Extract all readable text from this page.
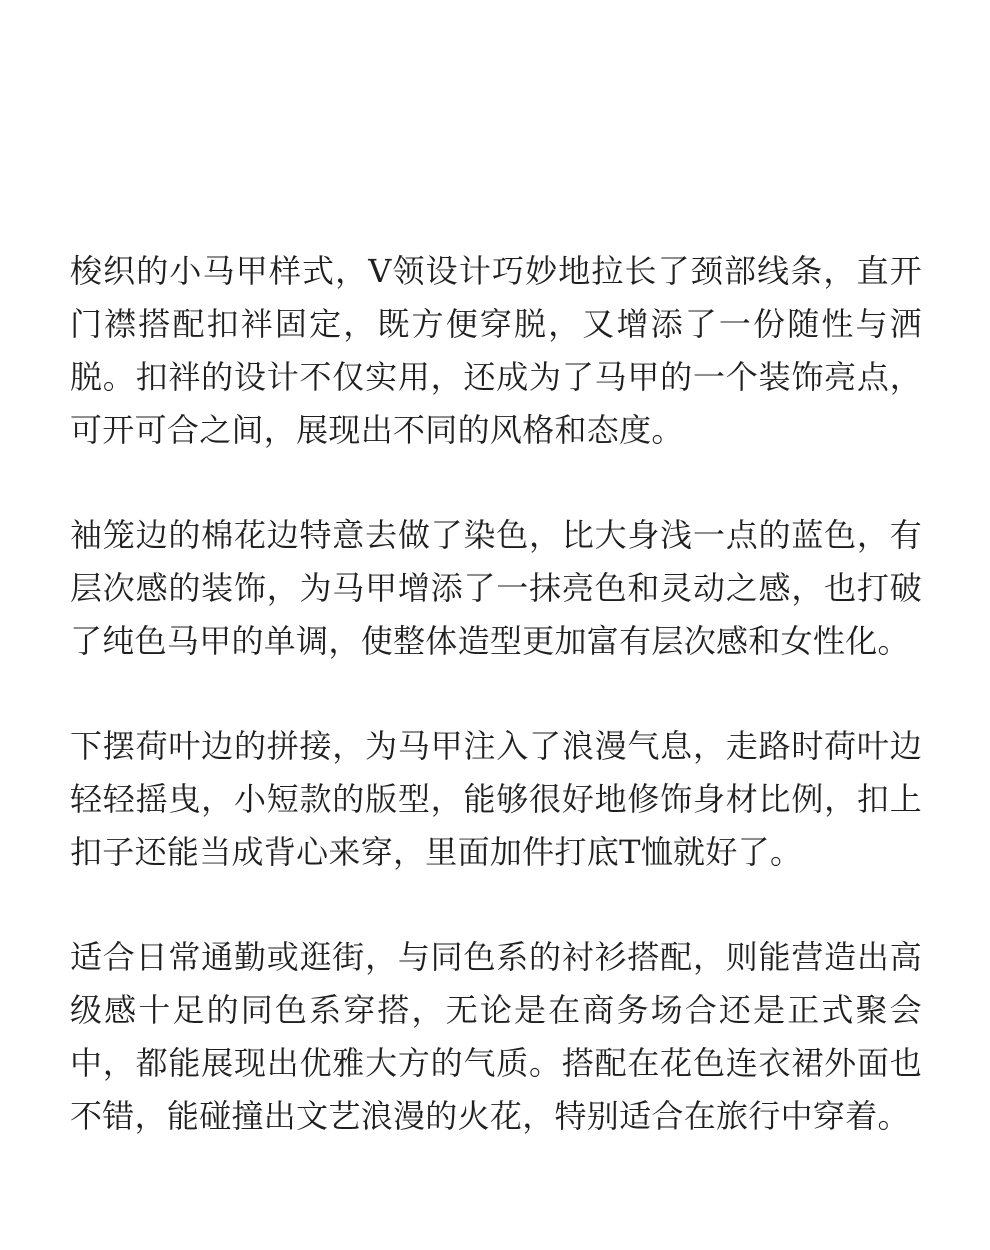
梭织的小马甲样式，V领设计巧妙地拉长了颈部线条，直开门襟搭配扣袢固定，既方便穿脱，又增添了一份随性与洒脱。扣袢的设计不仅实用，还成为了马甲的一个装饰亮点，可开可合之间，展现出不同的风格和态度。

袖笼边的棉花边特意去做了染色，比大身浅一点的蓝色，有层次感的装饰，为马甲增添了一抹亮色和灵动之感，也打破了纯色马甲的单调，使整体造型更加富有层次感和女性化。

下摆荷叶边的拼接，为马甲注入了浪漫气息，走路时荷叶边轻轻摇曳，小短款的版型，能够很好地修饰身材比例，扣上扣子还能当成背心来穿，里面加件打底T恤就好了。

适合日常通勤或逛街，与同色系的衬衫搭配，则能营造出高级感十足的同色系穿搭，无论是在商务场合还是正式聚会中，都能展现出优雅大方的气质。搭配在花色连衣裙外面也不错，能碰撞出文艺浪漫的火花，特别适合在旅行中穿着。
